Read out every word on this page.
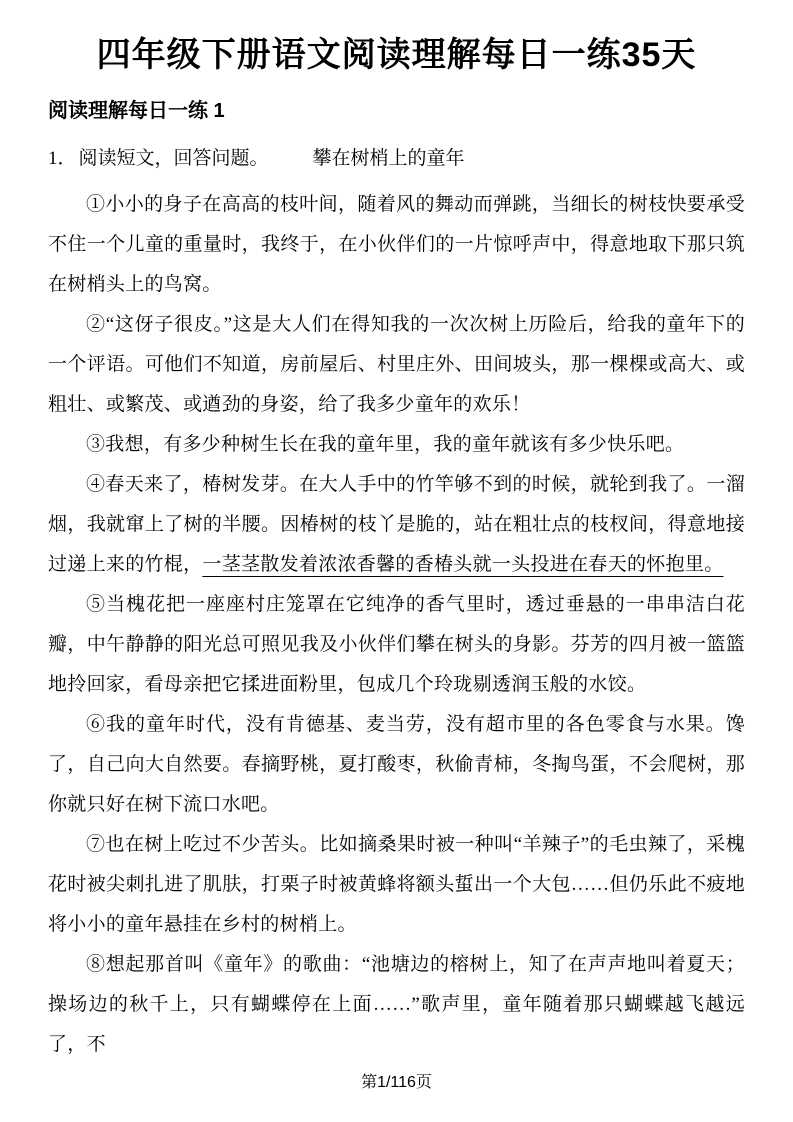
四年级下册语文阅读理解每日一练35天
阅读理解每日一练 1
1． 阅读短文，回答问题。 攀在树梢上的童年

①小小的身子在高高的枝叶间，随着风的舞动而弹跳，当细长的树枝快要承受不住一个儿童的重量时，我终于，在小伙伴们的一片惊呼声中，得意地取下那只筑在树梢头上的鸟窝。

②“这伢子很皮。”这是大人们在得知我的一次次树上历险后，给我的童年下的一个评语。可他们不知道，房前屋后、村里庄外、田间坡头，那一棵棵或高大、或粗壮、或繁茂、或遒劲的身姿，给了我多少童年的欢乐！

③我想，有多少种树生长在我的童年里，我的童年就该有多少快乐吧。

④春天来了，椿树发芽。在大人手中的竹竿够不到的时候，就轮到我了。一溜烟，我就窜上了树的半腰。因椿树的枝丫是脆的，站在粗壮点的枝杈间，得意地接过递上来的竹棍，一茎茎散发着浓浓香馨的香椿头就一头投进在春天的怀抱里。

⑤当槐花把一座座村庄笼罩在它纯净的香气里时，透过垂悬的一串串洁白花瓣，中午静静的阳光总可照见我及小伙伴们攀在树头的身影。芬芳的四月被一篮篮地拎回家，看母亲把它揉进面粉里，包成几个玲珑剔透润玉般的水饺。

⑥我的童年时代，没有肯德基、麦当劳，没有超市里的各色零食与水果。馋了，自己向大自然要。春摘野桃，夏打酸枣，秋偷青柿，冬掏鸟蛋，不会爬树，那你就只好在树下流口水吧。

⑦也在树上吃过不少苦头。比如摘桑果时被一种叫“羊辣子”的毛虫辣了，采槐花时被尖刺扎进了肌肤，打栗子时被黄蜂将额头蜇出一个大包……但仍乐此不疲地将小小的童年悬挂在乡村的树梢上。

⑧想起那首叫《童年》的歌曲：“池塘边的榕树上，知了在声声地叫着夏天；操场边的秋千上，只有蝴蝶停在上面……”歌声里，童年随着那只蝴蝶越飞越远了，不

第1/116页
